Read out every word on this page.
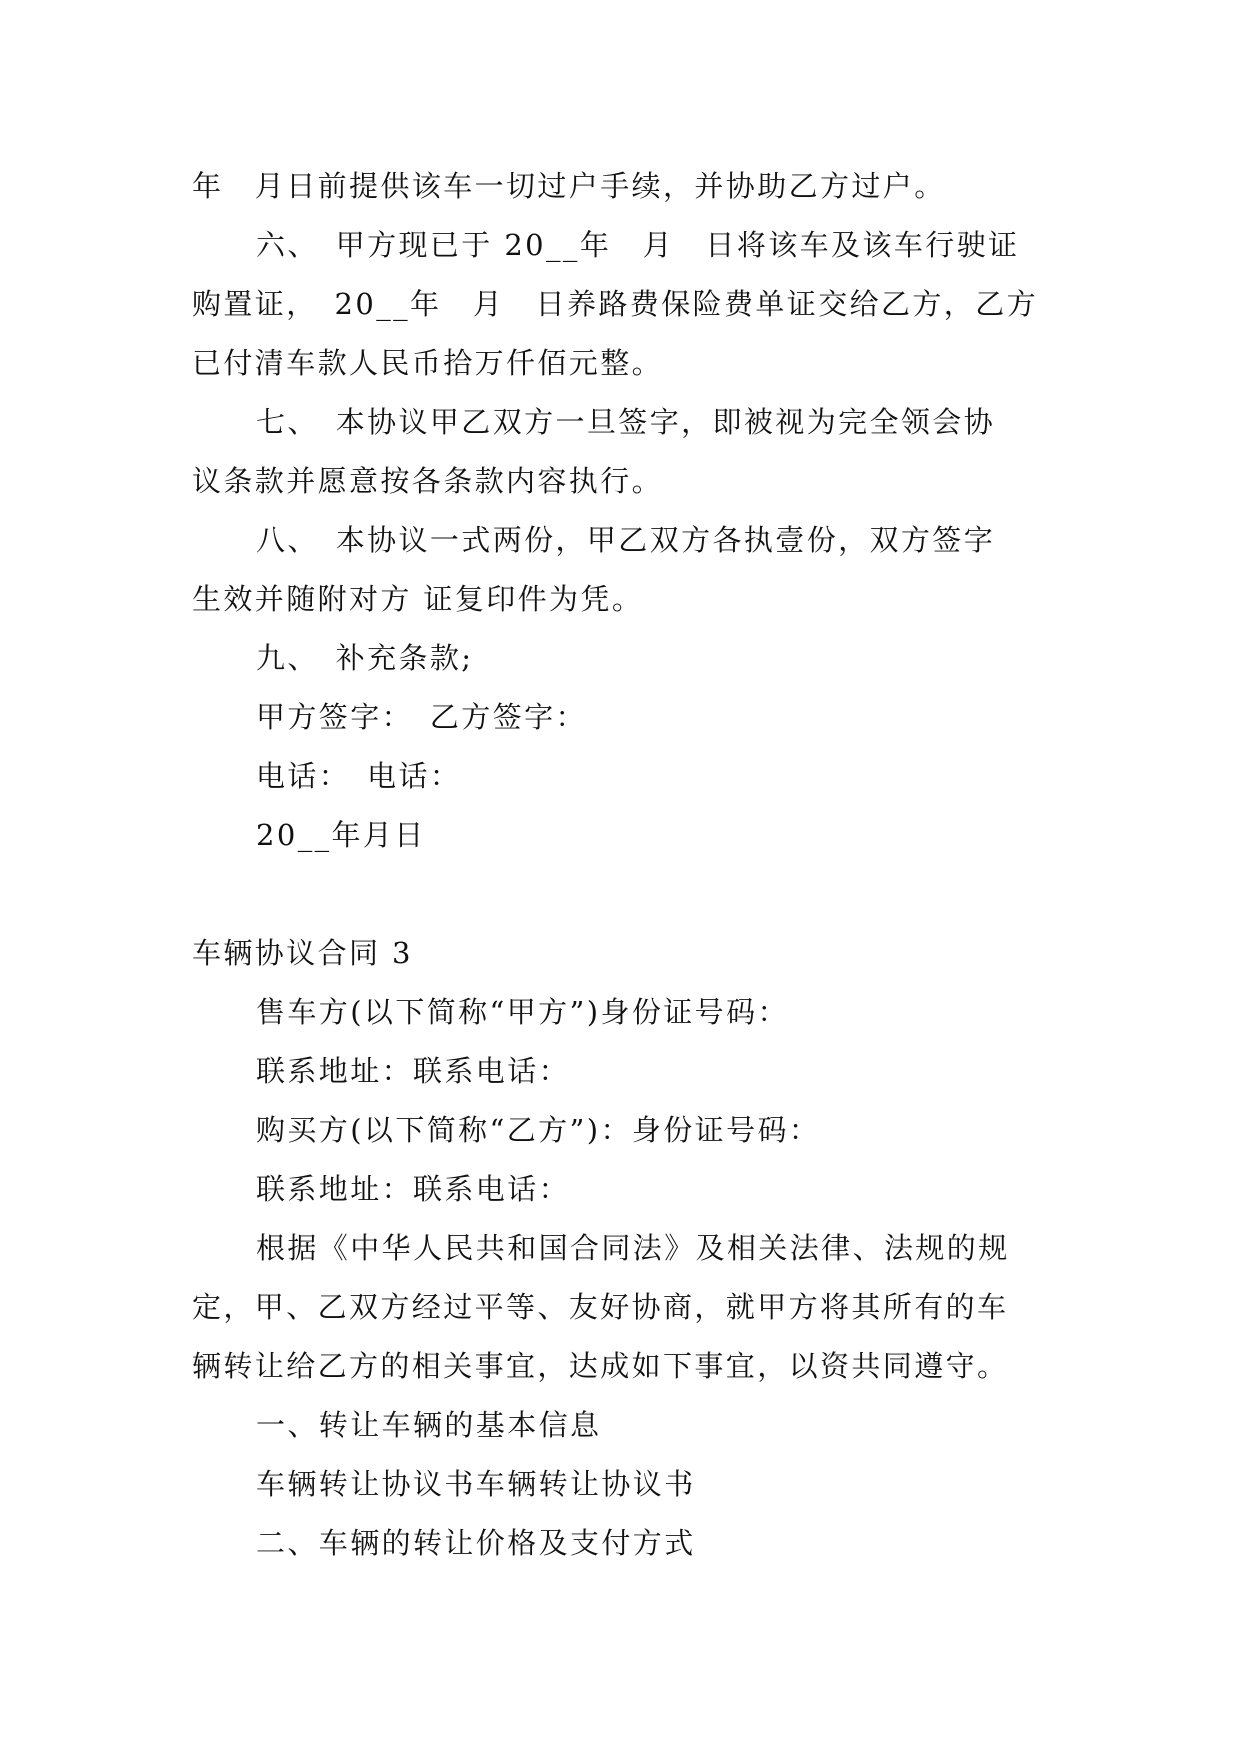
年　月日前提供该车一切过户手续，并协助乙方过户。
六、　甲方现已于 20__年　月　日将该车及该车行驶证
购置证，　20__年　月　日养路费保险费单证交给乙方，乙方
已付清车款人民币拾万仟佰元整。
七、　本协议甲乙双方一旦签字，即被视为完全领会协
议条款并愿意按各条款内容执行。
八、　本协议一式两份，甲乙双方各执壹份，双方签字
生效并随附对方 证复印件为凭。
九、　补充条款;
甲方签字：　乙方签字：
电话：　电话：
20__年月日
车辆协议合同 3
售车方(以下简称“甲方”)身份证号码：
联系地址：联系电话：
购买方(以下简称“乙方”)：身份证号码：
联系地址：联系电话：
根据《中华人民共和国合同法》及相关法律、法规的规
定，甲、乙双方经过平等、友好协商，就甲方将其所有的车
辆转让给乙方的相关事宜，达成如下事宜，以资共同遵守。
一、转让车辆的基本信息
车辆转让协议书车辆转让协议书
二、车辆的转让价格及支付方式
